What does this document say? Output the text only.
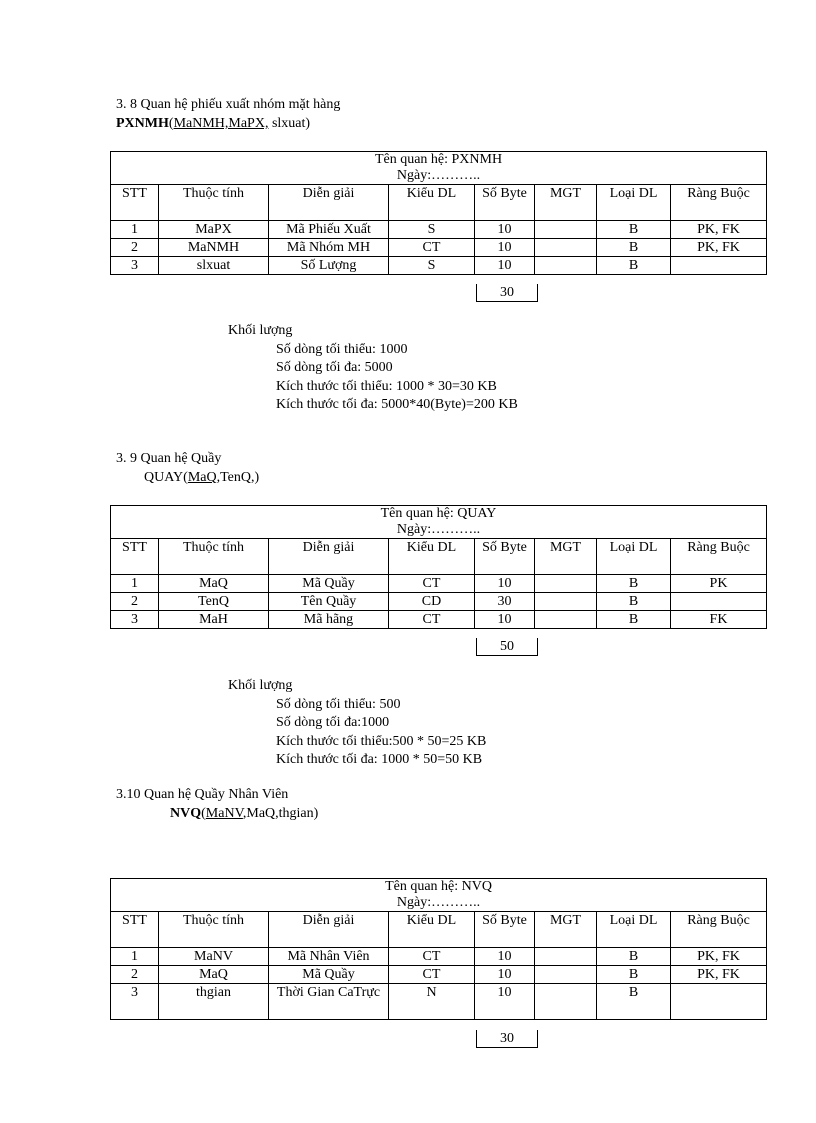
3. 8 Quan hệ phiếu xuất nhóm mặt hàng
PXNMH(MaNMH,MaPX, slxuat)
Tên quan hệ: PXNMH
Ngày:………..							

STT	Thuộc tính	Diễn giải	Kiểu DL	Số Byte	MGT	Loại DL	Ràng Buộc
1	MaPX	Mã Phiếu Xuất	S	10		B	PK, FK
2	MaNMH	Mã Nhóm MH	CT	10		B	PK, FK
3	slxuat	Số Lượng	S	10		B	
30
Khối lượng
Số dòng tối thiểu: 1000
Số dòng tối đa: 5000
Kích thước tối thiểu: 1000 * 30=30 KB
Kích thước tối đa: 5000*40(Byte)=200 KB
3. 9 Quan hệ Quầy
QUAY(MaQ,TenQ,)
Tên quan hệ: QUAY
Ngày:………..							

STT	Thuộc tính	Diễn giải	Kiểu DL	Số Byte	MGT	Loại DL	Ràng Buộc
1	MaQ	Mã Quầy	CT	10		B	PK
2	TenQ	Tên Quầy	CD	30		B	
3	MaH	Mã hãng	CT	10		B	FK
50
Khối lượng
Số dòng tối thiểu: 500
Số dòng tối đa:1000
Kích thước tối thiểu:500 * 50=25 KB
Kích thước tối đa: 1000 * 50=50 KB
3.10 Quan hệ Quầy Nhân Viên
NVQ(MaNV,MaQ,thgian)
Tên quan hệ: NVQ
Ngày:………..							

STT	Thuộc tính	Diễn giải	Kiểu DL	Số Byte	MGT	Loại DL	Ràng Buộc
1	MaNV	Mã Nhân Viên	CT	10		B	PK, FK
2	MaQ	Mã Quầy	CT	10		B	PK, FK
3	thgian	Thời Gian CaTrực	N	10		B	
30
